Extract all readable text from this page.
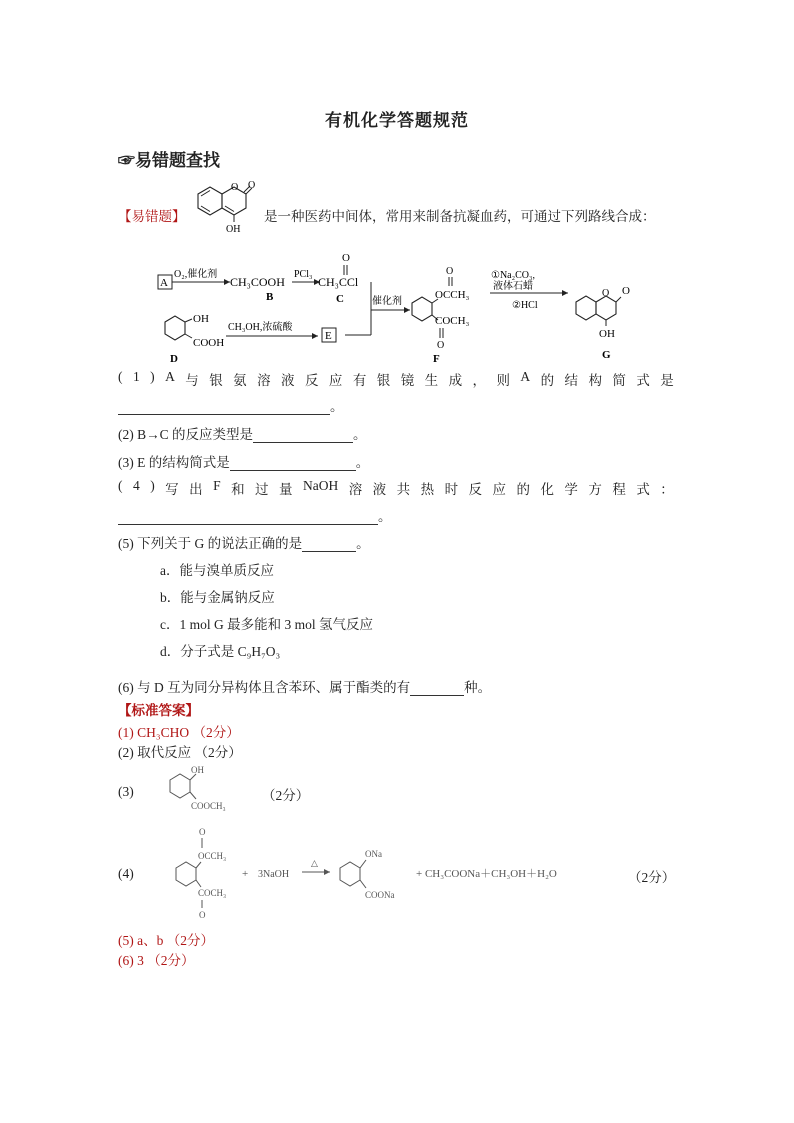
有机化学答题规范
☞易错题查找
【易错题】
O O
OH
是一种医药中间体，常用来制备抗凝血药，可通过下列路线合成：
A
O₂,催化剂
CH₃COOH
B
PCl₃
O
CH₃CCl
C	催化剂
OH
COOH
D
CH₃OH,浓硫酸
E
O
OCCH₃
COCH₃
O
F
①Na₂CO₃,
液体石蜡
②HCl
O O
OH
G
( 1 ) A 与 银 氨 溶 液 反 应 有 银 镜 生 成 ， 则 A 的 结 构 简 式 是
。
(2) B→C 的反应类型是	。
(3) E 的结构简式是	。
( 4 ) 写 出 F 和 过 量 NaOH 溶 液 共 热 时 反 应 的 化 学 方 程 式 ：
。
(5) 下列关于 G 的说法正确的是	。
a．能与溴单质反应
b．能与金属钠反应
c．1 mol G 最多能和 3 mol 氢气反应
d．分子式是 C₉H₇O₃
(6) 与 D 互为同分异构体且含苯环、属于酯类的有	种。
【标准答案】
(1) CH₃CHO （2分）
(2) 取代反应 （2分）
(3)
OH
COOCH₃
（2分）
(4)
O
OCCH₃
COCH₃
O
+ 3NaOH
△
ONa
COONa
+ CH₃COONa＋CH₃OH＋H₂O	（2分）
(5) a、b （2分）
(6) 3 （2分）
